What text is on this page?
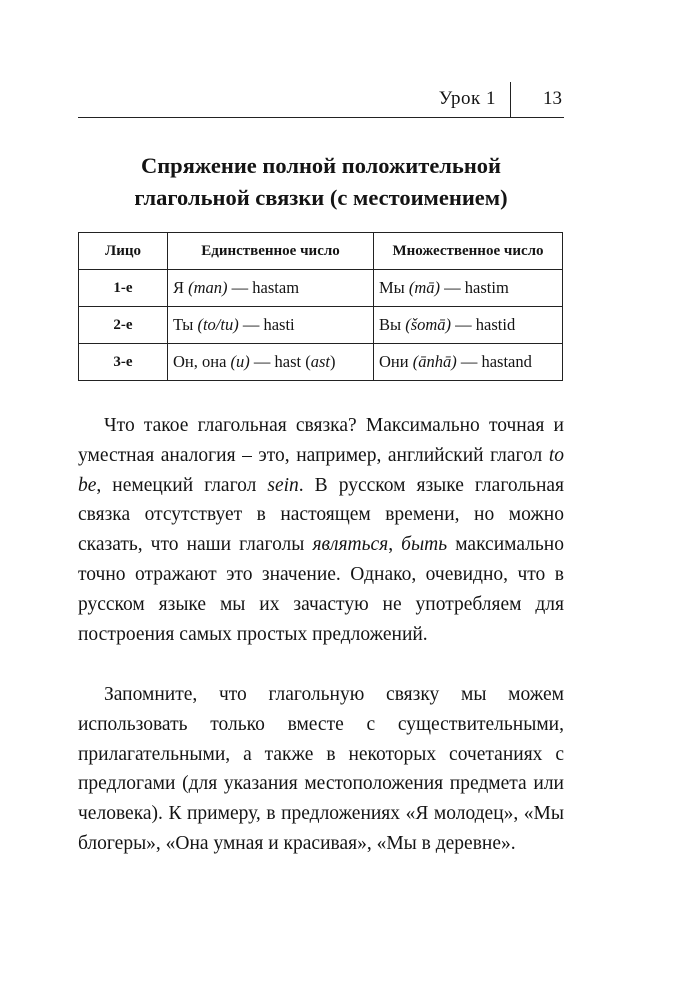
Урок 1 13
Спряжение полной положительной
глагольной связки (с местоимением)
Лицо	Единственное число	Множественное число
1-е	Я (man) — hastam	Мы (mā) — hastim
2-е	Ты (to/tu) — hasti	Вы (šomā) — hastid
3-е	Он, она (u) — hast (ast)	Они (ānhā) — hastand

Что такое глагольная связка? Максимально точная и уместная аналогия – это, например, английский глагол to be, немецкий глагол sein. В русском языке глагольная связка отсутствует в настоящем времени, но можно сказать, что наши глаголы являться, быть максимально точно отражают это значение. Однако, очевидно, что в русском языке мы их зачастую не употребляем для построения самых простых предложений.

Запомните, что глагольную связку мы можем использовать только вместе с существительными, прилагательными, а также в некоторых сочетаниях с предлогами (для указания местоположения предмета или человека). К примеру, в предложениях «Я молодец», «Мы блогеры», «Она умная и красивая», «Мы в деревне».
